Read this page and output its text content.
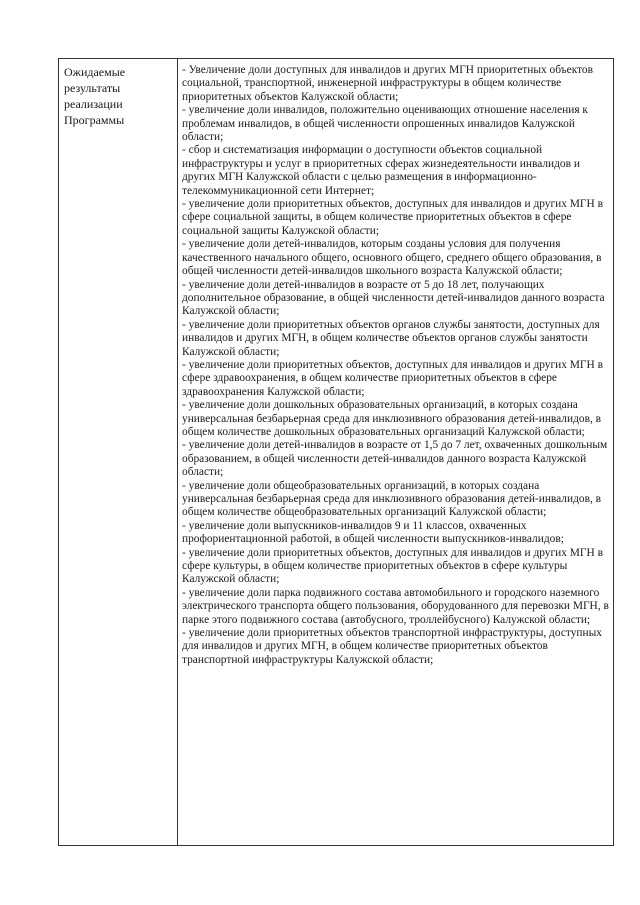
Ожидаемые результаты реализации Программы

- Увеличение доли доступных для инвалидов и других МГН приоритетных объектов социальной, транспортной, инженерной инфраструктуры в общем количестве приоритетных объектов Калужской области;

- увеличение доли инвалидов, положительно оценивающих отношение населения к проблемам инвалидов, в общей численности опрошенных инвалидов Калужской области;

- сбор и систематизация информации о доступности объектов социальной инфраструктуры и услуг в приоритетных сферах жизнедеятельности инвалидов и других МГН Калужской области с целью размещения в информационно-телекоммуникационной сети Интернет;

- увеличение доли приоритетных объектов, доступных для инвалидов и других МГН в сфере социальной защиты, в общем количестве приоритетных объектов в сфере социальной защиты Калужской области;

- увеличение доли детей-инвалидов, которым созданы условия для получения качественного начального общего, основного общего, среднего общего образования, в общей численности детей-инвалидов школьного возраста Калужской области;

- увеличение доли детей-инвалидов в возрасте от 5 до 18 лет, получающих дополнительное образование, в общей численности детей-инвалидов данного возраста Калужской области;

- увеличение доли приоритетных объектов органов службы занятости, доступных для инвалидов и других МГН, в общем количестве объектов органов службы занятости Калужской области;

- увеличение доли приоритетных объектов, доступных для инвалидов и других МГН в сфере здравоохранения, в общем количестве приоритетных объектов в сфере здравоохранения Калужской области;

- увеличение доли дошкольных образовательных организаций, в которых создана универсальная безбарьерная среда для инклюзивного образования детей-инвалидов, в общем количестве дошкольных образовательных организаций Калужской области;

- увеличение доли детей-инвалидов в возрасте от 1,5 до 7 лет, охваченных дошкольным образованием, в общей численности детей-инвалидов данного возраста Калужской области;

- увеличение доли общеобразовательных организаций, в которых создана универсальная безбарьерная среда для инклюзивного образования детей-инвалидов, в общем количестве общеобразовательных организаций Калужской области;

- увеличение доли выпускников-инвалидов 9 и 11 классов, охваченных профориентационной работой, в общей численности выпускников-инвалидов;

- увеличение доли приоритетных объектов, доступных для инвалидов и других МГН в сфере культуры, в общем количестве приоритетных объектов в сфере культуры Калужской области;

- увеличение доли парка подвижного состава автомобильного и городского наземного электрического транспорта общего пользования, оборудованного для перевозки МГН, в парке этого подвижного состава (автобусного, троллейбусного) Калужской области;

- увеличение доли приоритетных объектов транспортной инфраструктуры, доступных для инвалидов и других МГН, в общем количестве приоритетных объектов транспортной инфраструктуры Калужской области;
